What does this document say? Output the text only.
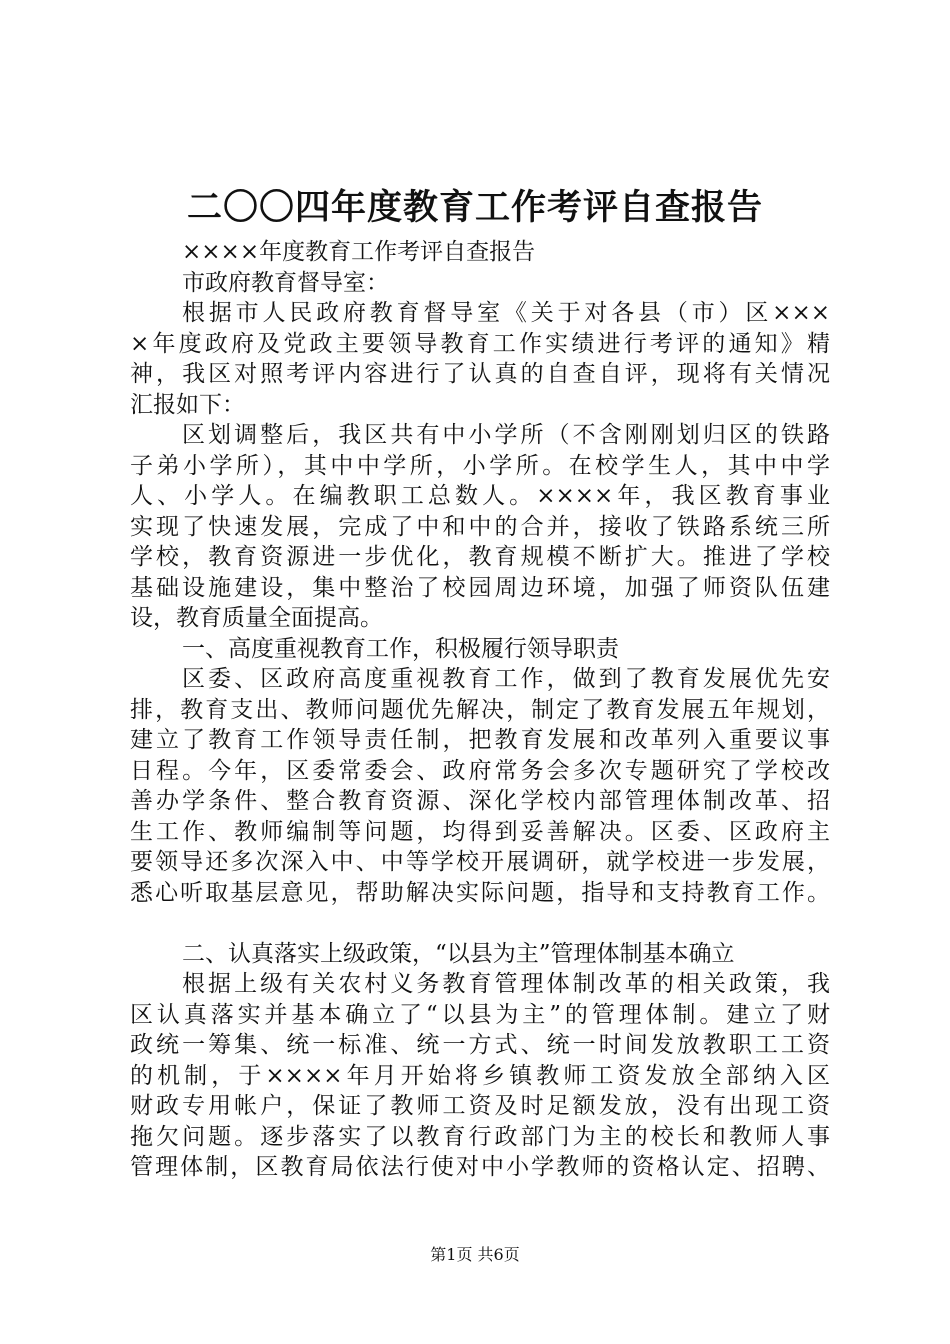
二〇〇四年度教育工作考评自查报告
××××年度教育工作考评自查报告
市政府教育督导室：
根据市人民政府教育督导室《关于对各县（市）区×××
×年度政府及党政主要领导教育工作实绩进行考评的通知》精
神，我区对照考评内容进行了认真的自查自评，现将有关情况
汇报如下：
区划调整后，我区共有中小学所（不含刚刚划归区的铁路
子弟小学所），其中中学所，小学所。在校学生人，其中中学
人、小学人。在编教职工总数人。××××年，我区教育事业
实现了快速发展，完成了中和中的合并，接收了铁路系统三所
学校，教育资源进一步优化，教育规模不断扩大。推进了学校
基础设施建设，集中整治了校园周边环境，加强了师资队伍建
设，教育质量全面提高。
一、高度重视教育工作，积极履行领导职责
区委、区政府高度重视教育工作，做到了教育发展优先安
排，教育支出、教师问题优先解决，制定了教育发展五年规划，
建立了教育工作领导责任制，把教育发展和改革列入重要议事
日程。今年，区委常委会、政府常务会多次专题研究了学校改
善办学条件、整合教育资源、深化学校内部管理体制改革、招
生工作、教师编制等问题，均得到妥善解决。区委、区政府主
要领导还多次深入中、中等学校开展调研，就学校进一步发展，
悉心听取基层意见，帮助解决实际问题，指导和支持教育工作。
二、认真落实上级政策，“以县为主”管理体制基本确立
根据上级有关农村义务教育管理体制改革的相关政策，我
区认真落实并基本确立了“以县为主”的管理体制。建立了财
政统一筹集、统一标准、统一方式、统一时间发放教职工工资
的机制，于××××年月开始将乡镇教师工资发放全部纳入区
财政专用帐户，保证了教师工资及时足额发放，没有出现工资
拖欠问题。逐步落实了以教育行政部门为主的校长和教师人事
管理体制，区教育局依法行使对中小学教师的资格认定、招聘、
第1页 共6页
